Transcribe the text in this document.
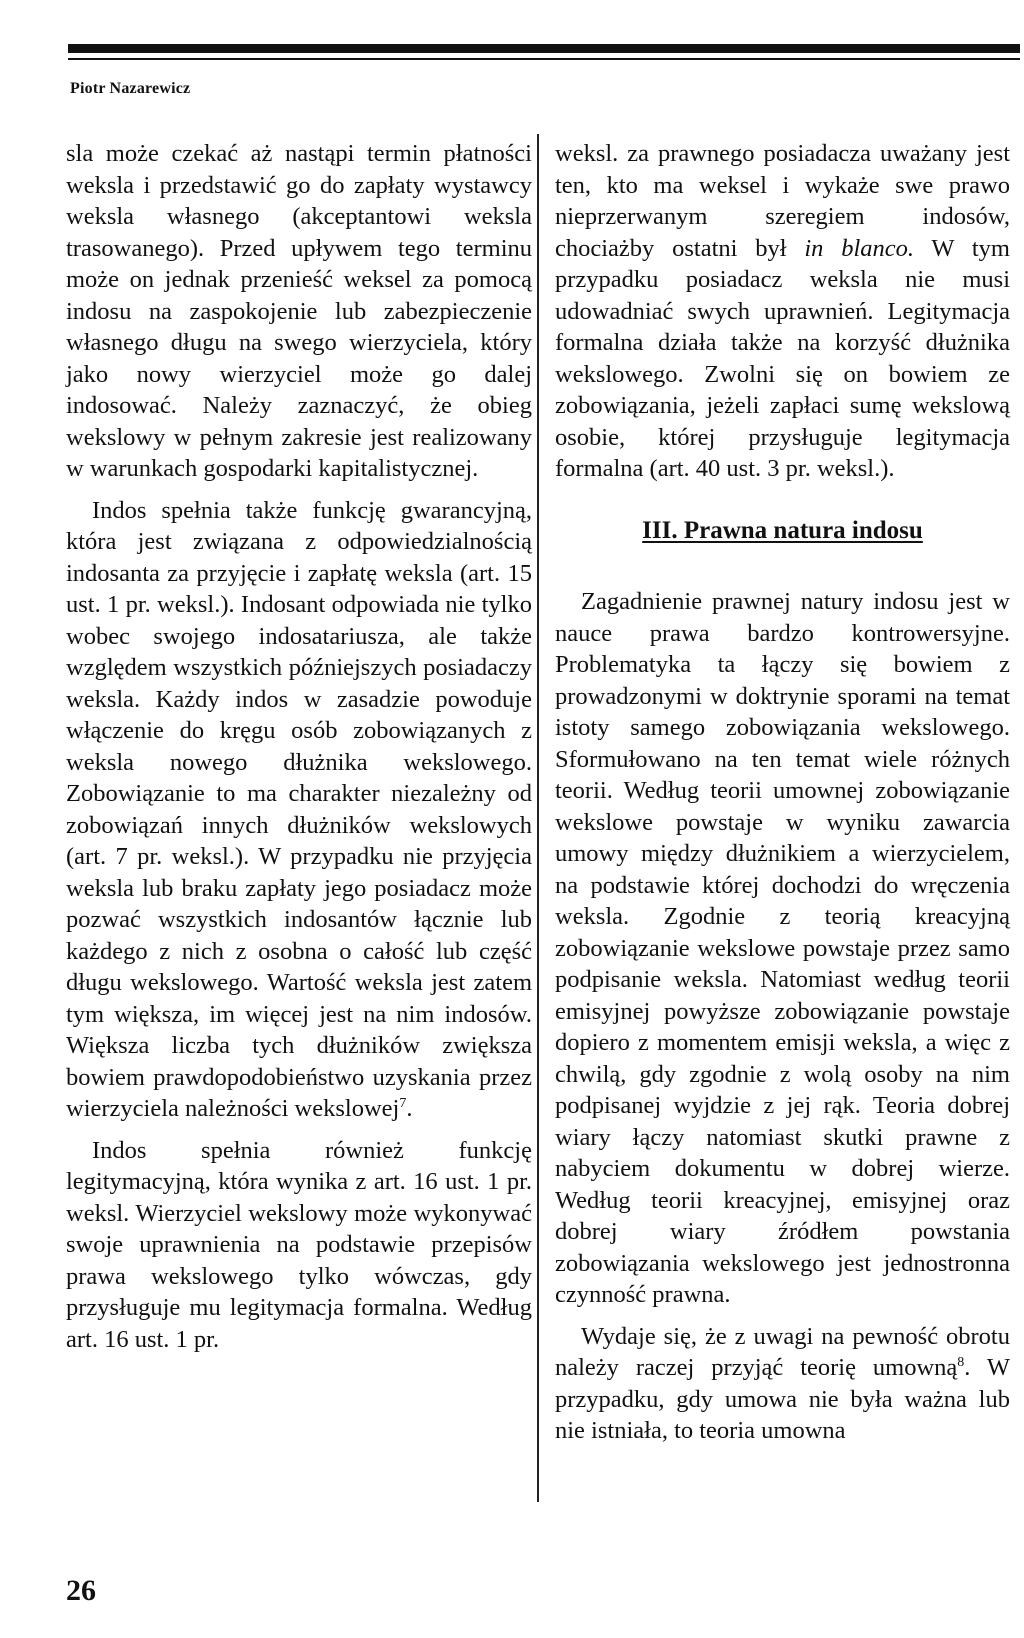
Piotr Nazarewicz

sla może czekać aż nastąpi termin płatności weksla i przedstawić go do zapłaty wystawcy weksla własnego (akceptantowi weksla trasowanego). Przed upływem tego terminu może on jednak przenieść weksel za pomocą indosu na zaspokojenie lub zabezpieczenie własnego długu na swego wierzyciela, który jako nowy wierzyciel może go dalej indosować. Należy zaznaczyć, że obieg wekslowy w pełnym zakresie jest realizowany w warunkach gospodarki kapitalistycznej.

Indos spełnia także funkcję gwarancyjną, która jest związana z odpowiedzialnością indosanta za przyjęcie i zapłatę weksla (art. 15 ust. 1 pr. weksl.). Indosant odpowiada nie tylko wobec swojego indosatariusza, ale także względem wszystkich późniejszych posiadaczy weksla. Każdy indos w zasadzie powoduje włączenie do kręgu osób zobowiązanych z weksla nowego dłużnika wekslowego. Zobowiązanie to ma charakter niezależny od zobowiązań innych dłużników wekslowych (art. 7 pr. weksl.). W przypadku nie przyjęcia weksla lub braku zapłaty jego posiadacz może pozwać wszystkich indosantów łącznie lub każdego z nich z osobna o całość lub część długu wekslowego. Wartość weksla jest zatem tym większa, im więcej jest na nim indosów. Większa liczba tych dłużników zwiększa bowiem prawdopodobieństwo uzyskania przez wierzyciela należności wekslowej$^7$.

Indos spełnia również funkcję legitymacyjną, która wynika z art. 16 ust. 1 pr. weksl. Wierzyciel wekslowy może wykonywać swoje uprawnienia na podstawie przepisów prawa wekslowego tylko wówczas, gdy przysługuje mu legitymacja formalna. Według art. 16 ust. 1 pr.

weksl. za prawnego posiadacza uważany jest ten, kto ma weksel i wykaże swe prawo nieprzerwanym szeregiem indosów, chociażby ostatni był in blanco. W tym przypadku posiadacz weksla nie musi udowadniać swych uprawnień. Legitymacja formalna działa także na korzyść dłużnika wekslowego. Zwolni się on bowiem ze zobowiązania, jeżeli zapłaci sumę wekslową osobie, której przysługuje legitymacja formalna (art. 40 ust. 3 pr. weksl.).

III. Prawna natura indosu

Zagadnienie prawnej natury indosu jest w nauce prawa bardzo kontrowersyjne. Problematyka ta łączy się bowiem z prowadzonymi w doktrynie sporami na temat istoty samego zobowiązania wekslowego. Sformułowano na ten temat wiele różnych teorii. Według teorii umownej zobowiązanie wekslowe powstaje w wyniku zawarcia umowy między dłużnikiem a wierzycielem, na podstawie której dochodzi do wręczenia weksla. Zgodnie z teorią kreacyjną zobowiązanie wekslowe powstaje przez samo podpisanie weksla. Natomiast według teorii emisyjnej powyższe zobowiązanie powstaje dopiero z momentem emisji weksla, a więc z chwilą, gdy zgodnie z wolą osoby na nim podpisanej wyjdzie z jej rąk. Teoria dobrej wiary łączy natomiast skutki prawne z nabyciem dokumentu w dobrej wierze. Według teorii kreacyjnej, emisyjnej oraz dobrej wiary źródłem powstania zobowiązania wekslowego jest jednostronna czynność prawna.

Wydaje się, że z uwagi na pewność obrotu należy raczej przyjąć teorię umowną$^8$. W przypadku, gdy umowa nie była ważna lub nie istniała, to teoria umowna

26
